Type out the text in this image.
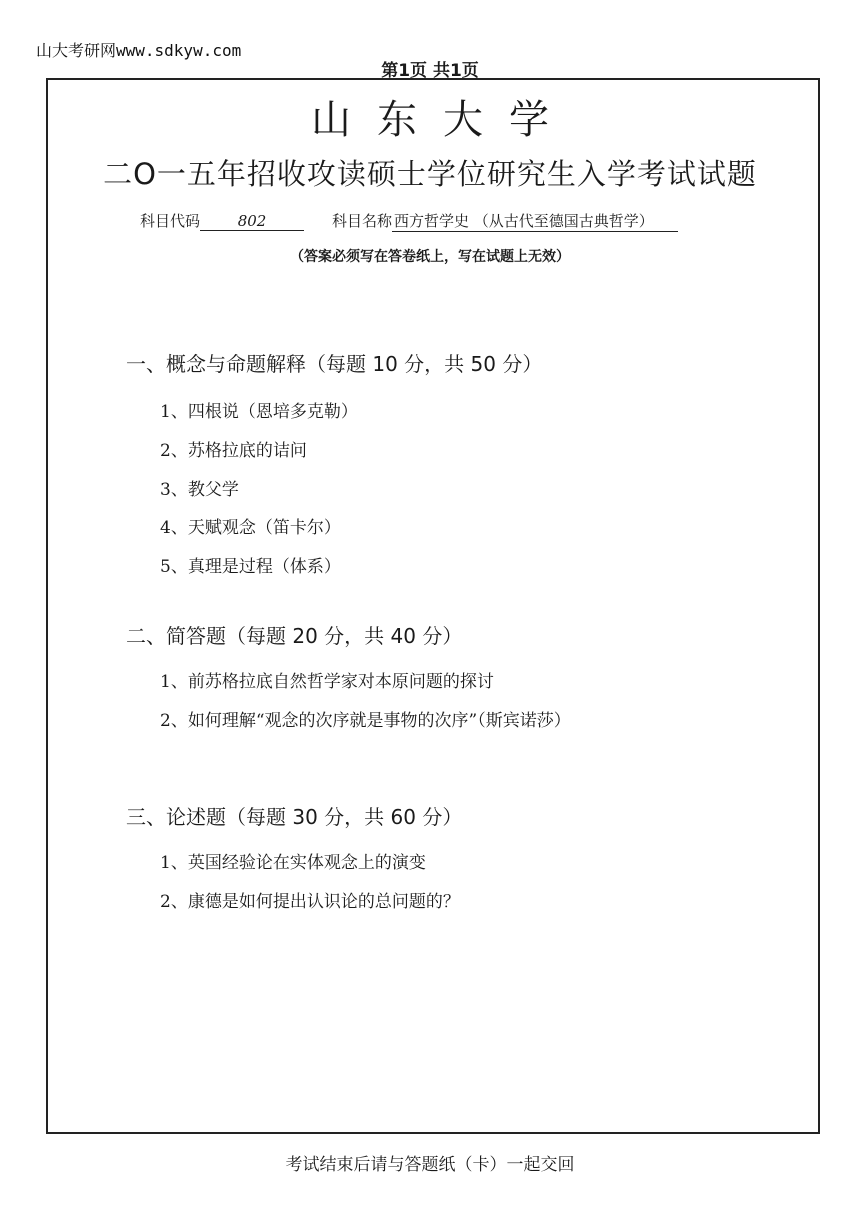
山大考研网www.sdkyw.com
第1页 共1页
山东大学
二O一五年招收攻读硕士学位研究生入学考试试题
科目代码	802	科目名称 西方哲学史 （从古代至德国古典哲学）
（答案必须写在答卷纸上，写在试题上无效）
一、概念与命题解释（每题 10 分，共 50 分）
1、四根说（恩培多克勒）
2、苏格拉底的诘问
3、教父学
4、天赋观念（笛卡尔）
5、真理是过程（体系）
二、简答题（每题 20 分，共 40 分）
1、前苏格拉底自然哲学家对本原问题的探讨
2、如何理解“观念的次序就是事物的次序”（斯宾诺莎）
三、论述题（每题 30 分，共 60 分）
1、英国经验论在实体观念上的演变
2、康德是如何提出认识论的总问题的？
考试结束后请与答题纸（卡）一起交回
